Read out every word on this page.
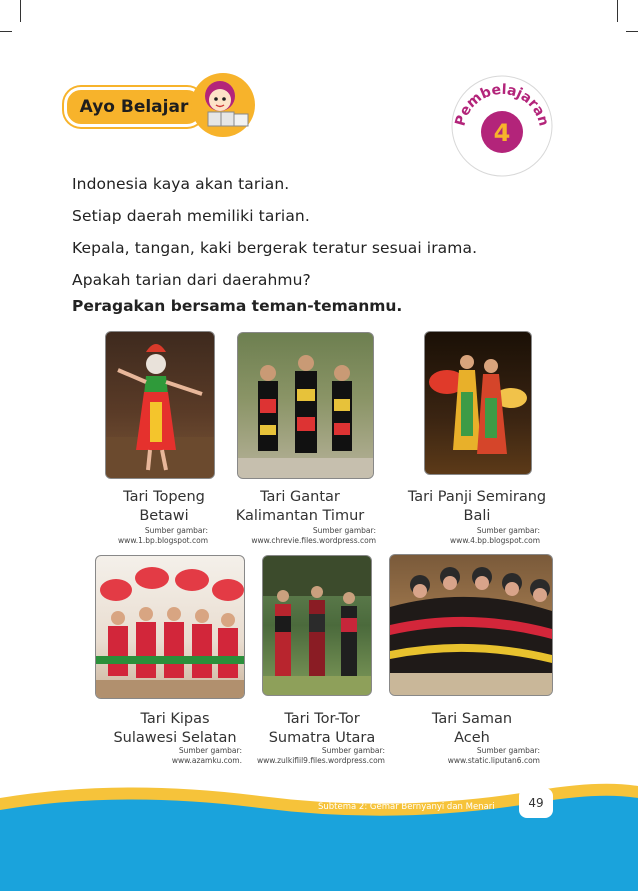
Ayo Belajar
Pembelajaran
4
Indonesia kaya akan tarian.
Setiap daerah memiliki tarian.
Kepala, tangan, kaki bergerak teratur sesuai irama.
Apakah tarian dari daerahmu?
Peragakan bersama teman-temanmu.
Tari Topeng
Betawi
Sumber gambar:
www.1.bp.blogspot.com
Tari Gantar
Kalimantan Timur
Sumber gambar:
www.chrevie.files.wordpress.com
Tari Panji Semirang
Bali
Sumber gambar:
www.4.bp.blogspot.com
Tari Kipas
Sulawesi Selatan
Sumber gambar:
www.azamku.com.
Tari Tor-Tor
Sumatra Utara
Sumber gambar:
www.zulkiflil9.files.wordpress.com
Tari Saman
Aceh
Sumber gambar:
www.static.liputan6.com
Subtema 2: Gemar Bernyanyi dan Menari	49
